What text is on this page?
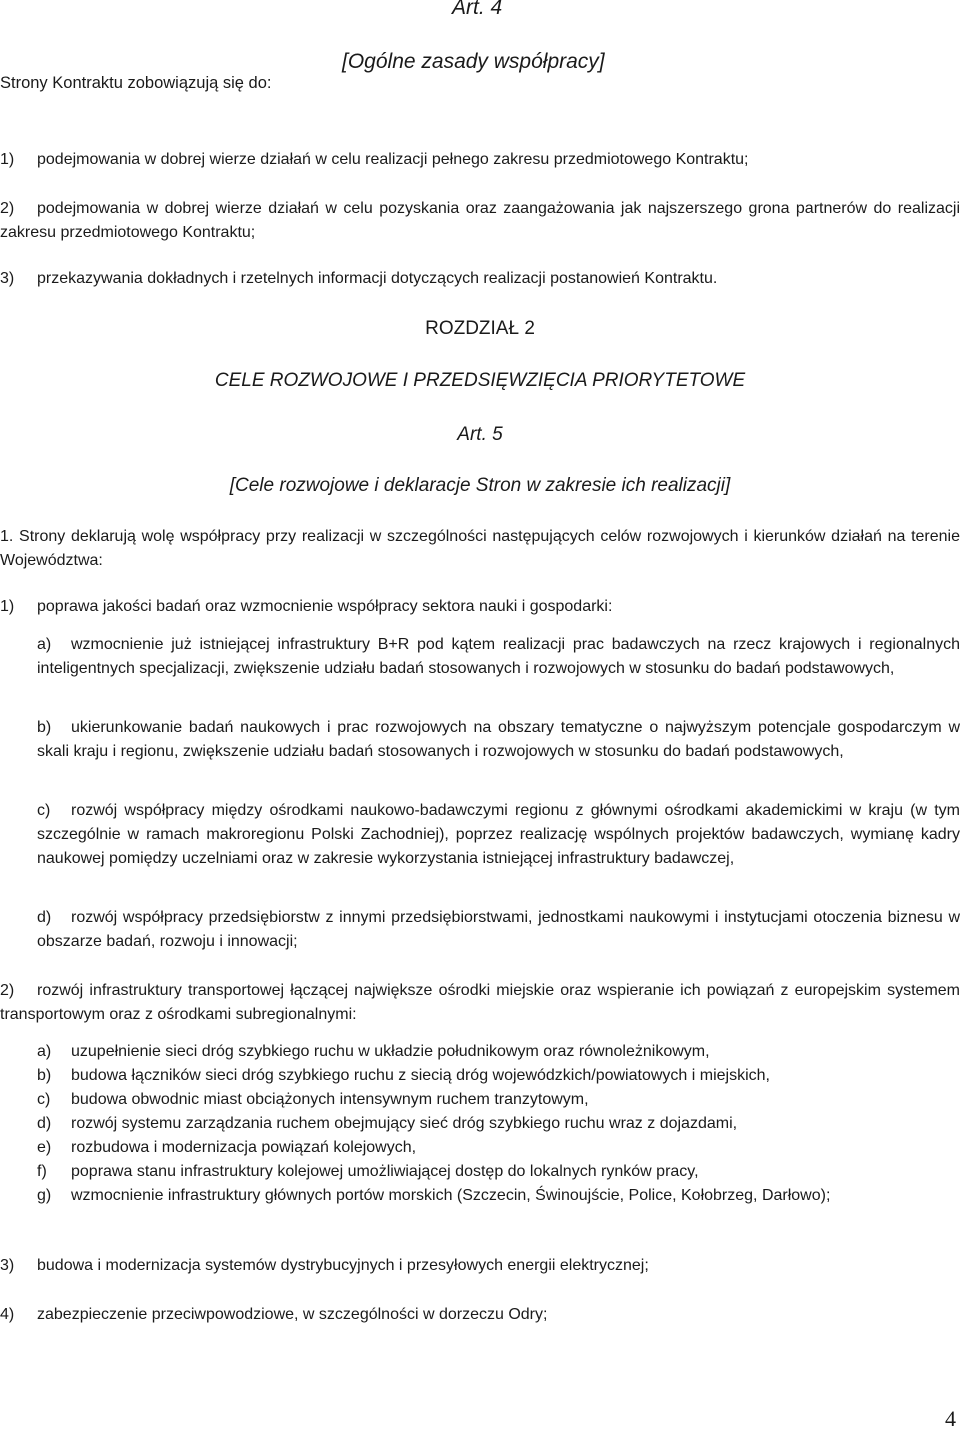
Art. 4
[Ogólne zasady współpracy]
Strony Kontraktu zobowiązują się do:
1) podejmowania w dobrej wierze działań w celu realizacji pełnego zakresu przedmiotowego Kontraktu;
2)	podejmowania w dobrej wierze działań w celu pozyskania oraz zaangażowania jak najszerszego grona partnerów do realizacji zakresu przedmiotowego Kontraktu;
3) przekazywania dokładnych i rzetelnych informacji dotyczących realizacji postanowień Kontraktu.
ROZDZIAŁ 2
CELE ROZWOJOWE I PRZEDSIĘWZIĘCIA PRIORYTETOWE
Art. 5
[Cele rozwojowe i deklaracje Stron w zakresie ich realizacji]
1. Strony deklarują wolę współpracy przy realizacji w szczególności następujących celów rozwojowych i kierunków działań na terenie Województwa:
1) poprawa jakości badań oraz wzmocnienie współpracy sektora nauki i gospodarki:
a)	wzmocnienie już istniejącej infrastruktury B+R pod kątem realizacji prac badawczych na rzecz krajowych i regionalnych inteligentnych specjalizacji, zwiększenie udziału badań stosowanych i rozwojowych w stosunku do badań podstawowych,
b)	ukierunkowanie badań naukowych i prac rozwojowych na obszary tematyczne o najwyższym potencjale gospodarczym w skali kraju i regionu, zwiększenie udziału badań stosowanych i rozwojowych w stosunku do badań podstawowych,
c)	rozwój współpracy między ośrodkami naukowo-badawczymi regionu z głównymi ośrodkami akademickimi w kraju (w tym szczególnie w ramach makroregionu Polski Zachodniej), poprzez realizację wspólnych projektów badawczych, wymianę kadry naukowej pomiędzy uczelniami oraz w zakresie wykorzystania istniejącej infrastruktury badawczej,
d)	rozwój współpracy przedsiębiorstw z innymi przedsiębiorstwami, jednostkami naukowymi i instytucjami otoczenia biznesu w obszarze badań, rozwoju i innowacji;
2) rozwój infrastruktury transportowej łączącej największe ośrodki miejskie oraz wspieranie ich powiązań z europejskim systemem transportowym oraz z ośrodkami subregionalnymi:
a) uzupełnienie sieci dróg szybkiego ruchu w układzie południkowym oraz równoleżnikowym,
b) budowa łączników sieci dróg szybkiego ruchu z siecią dróg wojewódzkich/powiatowych i miejskich,
c) budowa obwodnic miast obciążonych intensywnym ruchem tranzytowym,
d) rozwój systemu zarządzania ruchem obejmujący sieć dróg szybkiego ruchu wraz z dojazdami,
e) rozbudowa i modernizacja powiązań kolejowych,
f) poprawa stanu infrastruktury kolejowej umożliwiającej dostęp do lokalnych rynków pracy,
g) wzmocnienie infrastruktury głównych portów morskich (Szczecin, Świnoujście, Police, Kołobrzeg, Darłowo);
3) budowa i modernizacja systemów dystrybucyjnych i przesyłowych energii elektrycznej;
4) zabezpieczenie przeciwpowodziowe, w szczególności w dorzeczu Odry;
4
